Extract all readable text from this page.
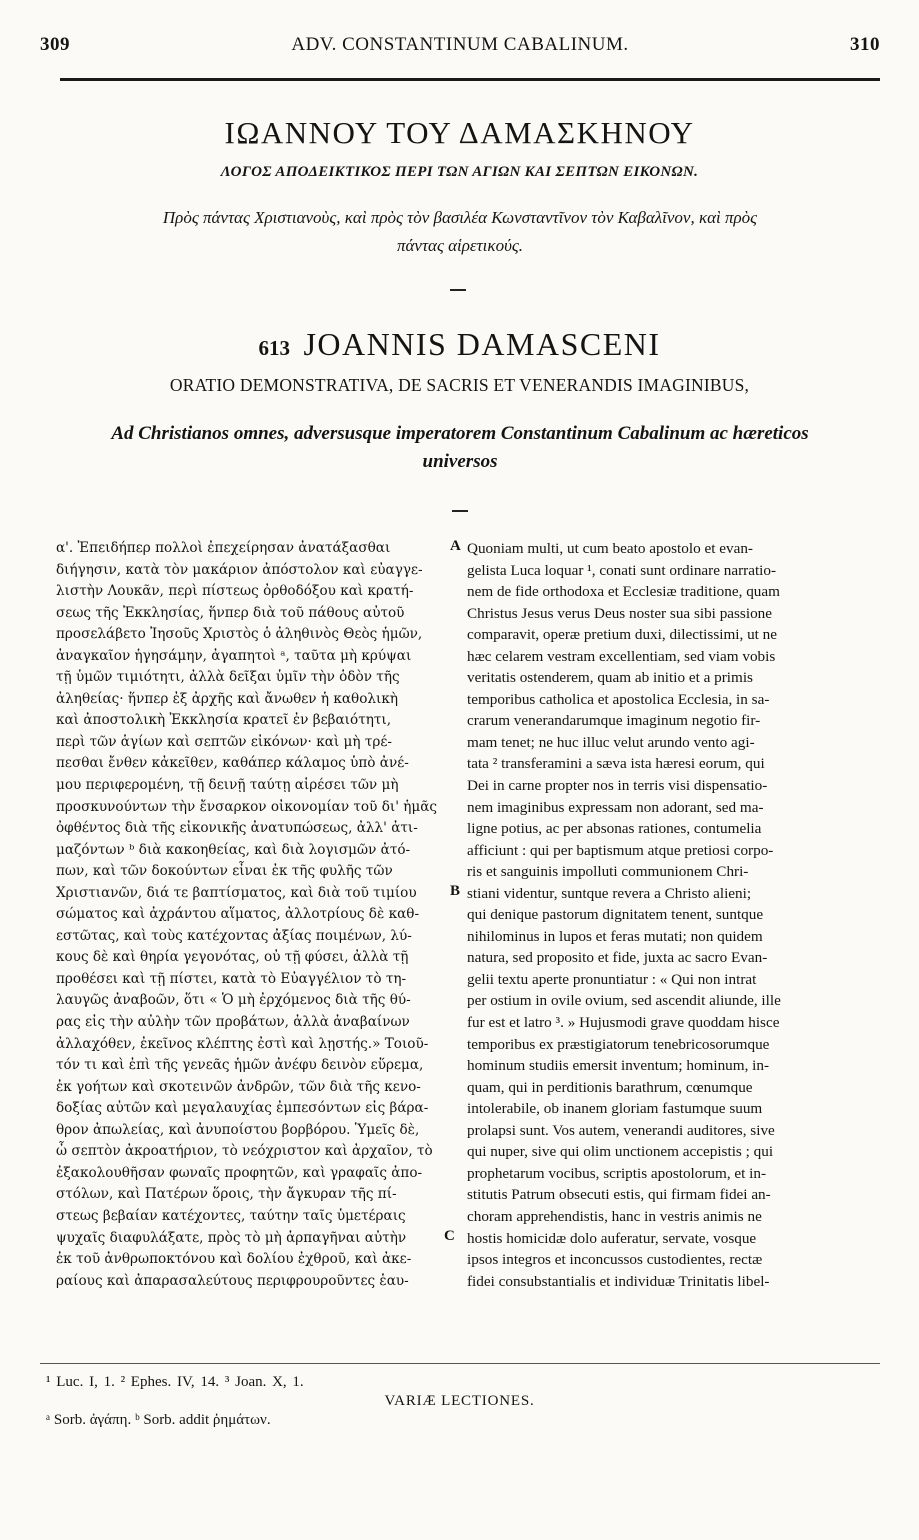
309	ADV. CONSTANTINUM CABALINUM.	310
ΙΩΑΝΝΟΥ ΤΟΥ ΔΑΜΑΣΚΗΝΟΥ
ΛΟΓΟΣ ΑΠΟΔΕΙΚΤΙΚΟΣ ΠΕΡΙ ΤΩΝ ΑΓΙΩΝ ΚΑΙ ΣΕΠΤΩΝ ΕΙΚΟΝΩΝ.
Πρὸς πάντας Χριστιανοὺς, καὶ πρὸς τὸν βασιλέα Κωνσταντῖνον τὸν Καβαλῖνον, καὶ πρὸς
πάντας αἱρετικούς.
613 JOANNIS DAMASCENI
ORATIO DEMONSTRATIVA, DE SACRIS ET VENERANDIS IMAGINIBUS,
Ad Christianos omnes, adversusque imperatorem Constantinum Cabalinum ac hæreticos
universos
α'. Ἐπειδήπερ πολλοὶ ἐπεχείρησαν ἀνατάξασθαι
διήγησιν, κατὰ τὸν μακάριον ἀπόστολον καὶ εὐαγγε-
λιστὴν Λουκᾶν, περὶ πίστεως ὀρθοδόξου καὶ κρατή-
σεως τῆς Ἐκκλησίας, ἥνπερ διὰ τοῦ πάθους αὐτοῦ
προσελάβετο Ἰησοῦς Χριστὸς ὁ ἀληθινὸς Θεὸς ἡμῶν,
ἀναγκαῖον ἡγησάμην, ἀγαπητοὶ ᵃ, ταῦτα μὴ κρύψαι
τῇ ὑμῶν τιμιότητι, ἀλλὰ δεῖξαι ὑμῖν τὴν ὁδὸν τῆς
ἀληθείας· ἥνπερ ἐξ ἀρχῆς καὶ ἄνωθεν ἡ καθολικὴ
καὶ ἀποστολικὴ Ἐκκλησία κρατεῖ ἐν βεβαιότητι,
περὶ τῶν ἁγίων καὶ σεπτῶν εἰκόνων· καὶ μὴ τρέ-
πεσθαι ἔνθεν κἀκεῖθεν, καθάπερ κάλαμος ὑπὸ ἀνέ-
μου περιφερομένη, τῇ δεινῇ ταύτῃ αἱρέσει τῶν μὴ
προσκυνούντων τὴν ἔνσαρκον οἰκονομίαν τοῦ δι' ἡμᾶς
ὀφθέντος διὰ τῆς εἰκονικῆς ἀνατυπώσεως, ἀλλ' ἀτι-
μαζόντων ᵇ διὰ κακοηθείας, καὶ διὰ λογισμῶν ἀτό-
πων, καὶ τῶν δοκούντων εἶναι ἐκ τῆς φυλῆς τῶν
Χριστιανῶν, διά τε βαπτίσματος, καὶ διὰ τοῦ τιμίου
σώματος καὶ ἀχράντου αἵματος, ἀλλοτρίους δὲ καθ-
εστῶτας, καὶ τοὺς κατέχοντας ἀξίας ποιμένων, λύ-
κους δὲ καὶ θηρία γεγονότας, οὐ τῇ φύσει, ἀλλὰ τῇ
προθέσει καὶ τῇ πίστει, κατὰ τὸ Εὐαγγέλιον τὸ τη-
λαυγῶς ἀναβοῶν, ὅτι « Ὁ μὴ ἐρχόμενος διὰ τῆς θύ-
ρας εἰς τὴν αὐλὴν τῶν προβάτων, ἀλλὰ ἀναβαίνων
ἀλλαχόθεν, ἐκεῖνος κλέπτης ἐστὶ καὶ λῃστής.» Τοιοῦ-
τόν τι καὶ ἐπὶ τῆς γενεᾶς ἡμῶν ἀνέφυ δεινὸν εὕρεμα,
ἐκ γοήτων καὶ σκοτεινῶν ἀνδρῶν, τῶν διὰ τῆς κενο-
δοξίας αὐτῶν καὶ μεγαλαυχίας ἐμπεσόντων εἰς βάρα-
θρον ἀπωλείας, καὶ ἀνυποίστου βορβόρου. Ὑμεῖς δὲ,
ὦ σεπτὸν ἀκροατήριον, τὸ νεόχριστον καὶ ἀρχαῖον, τὸ
ἐξακολουθῆσαν φωναῖς προφητῶν, καὶ γραφαῖς ἀπο-
στόλων, καὶ Πατέρων ὅροις, τὴν ἄγκυραν τῆς πί-
στεως βεβαίαν κατέχοντες, ταύτην ταῖς ὑμετέραις
ψυχαῖς διαφυλάξατε, πρὸς τὸ μὴ ἁρπαγῆναι αὐτὴν
ἐκ τοῦ ἀνθρωποκτόνου καὶ δολίου ἐχθροῦ, καὶ ἀκε-
ραίους καὶ ἀπαρασαλεύτους περιφρουροῦντες ἑαυ-
Quoniam multi, ut cum beato apostolo et evan-
gelista Luca loquar ¹, conati sunt ordinare narratio-
nem de fide orthodoxa et Ecclesiæ traditione, quam
Christus Jesus verus Deus noster sua sibi passione
comparavit, operæ pretium duxi, dilectissimi, ut ne
hæc celarem vestram excellentiam, sed viam vobis
veritatis ostenderem, quam ab initio et a primis
temporibus catholica et apostolica Ecclesia, in sa-
crarum venerandarumque imaginum negotio fir-
mam tenet; ne huc illuc velut arundo vento agi-
tata ² transferamini a sæva ista hæresi eorum, qui
Dei in carne propter nos in terris visi dispensatio-
nem imaginibus expressam non adorant, sed ma-
ligne potius, ac per absonas rationes, contumelia
afficiunt : qui per baptismum atque pretiosi corpo-
ris et sanguinis impolluti communionem Chri-
stiani videntur, suntque revera a Christo alieni;
qui denique pastorum dignitatem tenent, suntque
nihilominus in lupos et feras mutati; non quidem
natura, sed proposito et fide, juxta ac sacro Evan-
gelii textu aperte pronuntiatur : « Qui non intrat
per ostium in ovile ovium, sed ascendit aliunde, ille
fur est et latro ³. » Hujusmodi grave quoddam hisce
temporibus ex præstigiatorum tenebricosorumque
hominum studiis emersit inventum; hominum, in-
quam, qui in perditionis barathrum, cœnumque
intolerabile, ob inanem gloriam fastumque suum
prolapsi sunt. Vos autem, venerandi auditores, sive
qui nuper, sive qui olim unctionem accepistis ; qui
prophetarum vocibus, scriptis apostolorum, et in-
stitutis Patrum obsecuti estis, qui firmam fidei an-
choram apprehendistis, hanc in vestris animis ne
hostis homicidæ dolo auferatur, servate, vosque
ipsos integros et inconcussos custodientes, rectæ
fidei consubstantialis et individuæ Trinitatis libel-
A
B
C
¹ Luc. I, 1. ² Ephes. IV, 14. ³ Joan. X, 1.
VARIÆ LECTIONES.
ᵃ Sorb. ἀγάπη. ᵇ Sorb. addit ῥημάτων.
